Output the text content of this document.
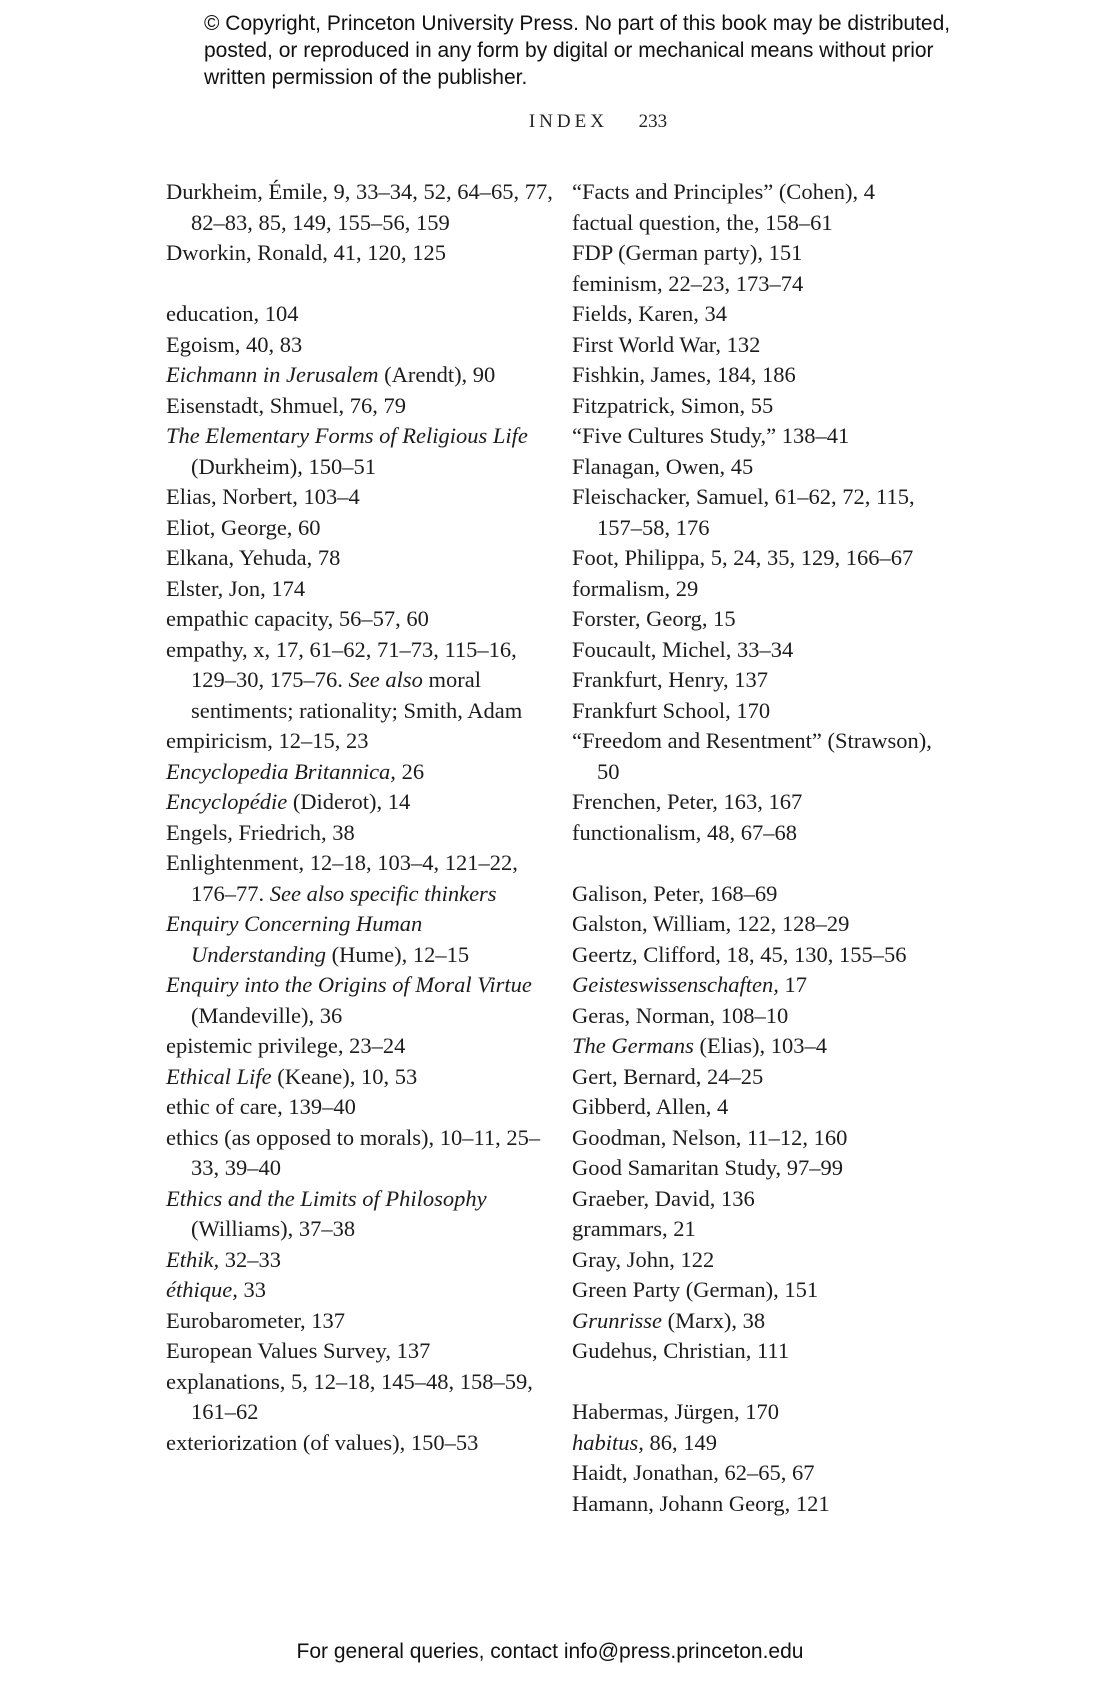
© Copyright, Princeton University Press. No part of this book may be distributed, posted, or reproduced in any form by digital or mechanical means without prior written permission of the publisher.
INDEX 233
Durkheim, Émile, 9, 33–34, 52, 64–65, 77, 82–83, 85, 149, 155–56, 159
Dworkin, Ronald, 41, 120, 125
education, 104
Egoism, 40, 83
Eichmann in Jerusalem (Arendt), 90
Eisenstadt, Shmuel, 76, 79
The Elementary Forms of Religious Life (Durkheim), 150–51
Elias, Norbert, 103–4
Eliot, George, 60
Elkana, Yehuda, 78
Elster, Jon, 174
empathic capacity, 56–57, 60
empathy, x, 17, 61–62, 71–73, 115–16, 129–30, 175–76. See also moral sentiments; rationality; Smith, Adam
empiricism, 12–15, 23
Encyclopedia Britannica, 26
Encyclopédie (Diderot), 14
Engels, Friedrich, 38
Enlightenment, 12–18, 103–4, 121–22, 176–77. See also specific thinkers
Enquiry Concerning Human Understanding (Hume), 12–15
Enquiry into the Origins of Moral Virtue (Mandeville), 36
epistemic privilege, 23–24
Ethical Life (Keane), 10, 53
ethic of care, 139–40
ethics (as opposed to morals), 10–11, 25–33, 39–40
Ethics and the Limits of Philosophy (Williams), 37–38
Ethik, 32–33
éthique, 33
Eurobarometer, 137
European Values Survey, 137
explanations, 5, 12–18, 145–48, 158–59, 161–62
exteriorization (of values), 150–53
“Facts and Principles” (Cohen), 4
factual question, the, 158–61
FDP (German party), 151
feminism, 22–23, 173–74
Fields, Karen, 34
First World War, 132
Fishkin, James, 184, 186
Fitzpatrick, Simon, 55
“Five Cultures Study,” 138–41
Flanagan, Owen, 45
Fleischacker, Samuel, 61–62, 72, 115, 157–58, 176
Foot, Philippa, 5, 24, 35, 129, 166–67
formalism, 29
Forster, Georg, 15
Foucault, Michel, 33–34
Frankfurt, Henry, 137
Frankfurt School, 170
“Freedom and Resentment” (Strawson), 50
Frenchen, Peter, 163, 167
functionalism, 48, 67–68
Galison, Peter, 168–69
Galston, William, 122, 128–29
Geertz, Clifford, 18, 45, 130, 155–56
Geisteswissenschaften, 17
Geras, Norman, 108–10
The Germans (Elias), 103–4
Gert, Bernard, 24–25
Gibberd, Allen, 4
Goodman, Nelson, 11–12, 160
Good Samaritan Study, 97–99
Graeber, David, 136
grammars, 21
Gray, John, 122
Green Party (German), 151
Grunrisse (Marx), 38
Gudehus, Christian, 111
Habermas, Jürgen, 170
habitus, 86, 149
Haidt, Jonathan, 62–65, 67
Hamann, Johann Georg, 121
For general queries, contact info@press.princeton.edu
